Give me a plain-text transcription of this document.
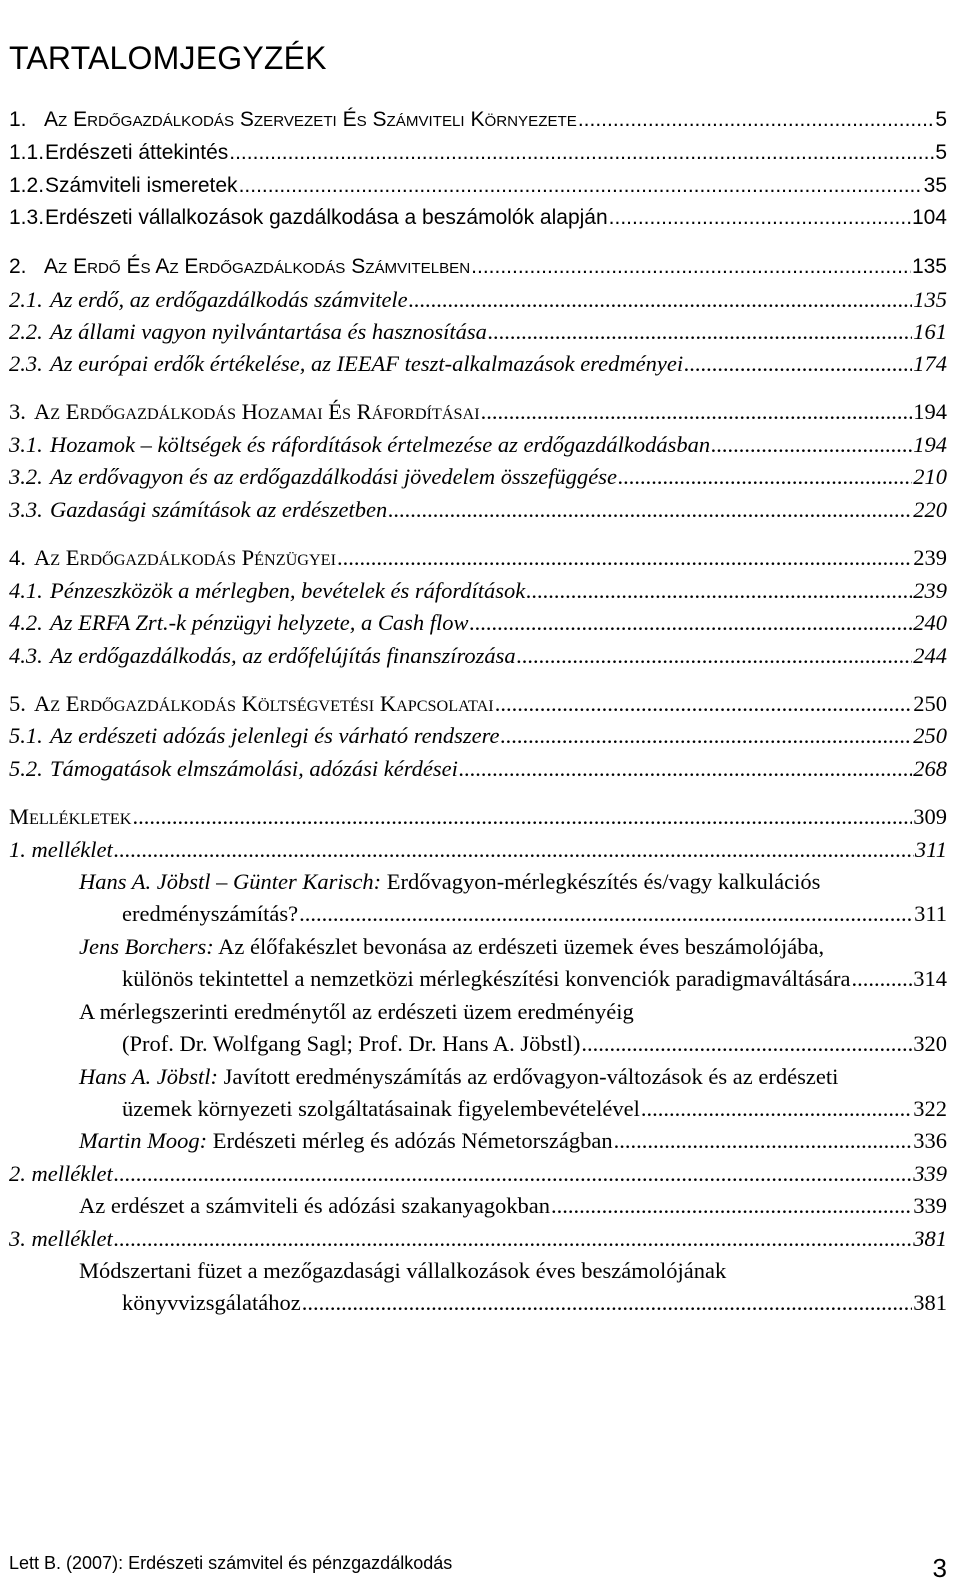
TARTALOMJEGYZÉK
1. AZ ERDŐGAZDÁLKODÁS SZERVEZETI ÉS SZÁMVITELI KÖRNYEZETE .....	5
1.1. Erdészeti áttekintés .....	5
1.2. Számviteli ismeretek .....	35
1.3. Erdészeti vállalkozások gazdálkodása a beszámolók alapján .....	104
2. AZ ERDŐ ÉS AZ ERDŐGAZDÁLKODÁS SZÁMVITELBEN .....	135
2.1. Az erdő, az erdőgazdálkodás számvitele .....	135
2.2. Az állami vagyon nyilvántartása és hasznosítása .....	161
2.3. Az európai erdők értékelése, az IEEAF teszt-alkalmazások eredményei .....	174
3. AZ ERDŐGAZDÁLKODÁS HOZAMAI ÉS RÁFORDÍTÁSAI .....	194
3.1. Hozamok – költségek és ráfordítások értelmezése az erdőgazdálkodásban .....	194
3.2. Az erdővagyon és az erdőgazdálkodási jövedelem összefüggése .....	210
3.3. Gazdasági számítások az erdészetben .....	220
4. AZ ERDŐGAZDÁLKODÁS PÉNZÜGYEI .....	239
4.1. Pénzeszközök a mérlegben, bevételek és ráfordítások .....	239
4.2. Az ERFA Zrt.-k pénzügyi helyzete, a Cash flow .....	240
4.3. Az erdőgazdálkodás, az erdőfelújítás finanszírozása .....	244
5. AZ ERDŐGAZDÁLKODÁS KÖLTSÉGVETÉSI KAPCSOLATAI .....	250
5.1. Az erdészeti adózás jelenlegi és várható rendszere .....	250
5.2. Támogatások elmszámolási, adózási kérdései .....	268
MELLÉKLETEK .....	309
1. melléklet .....	311
Hans A. Jöbstl – Günter Karisch: Erdővagyon-mérlegkészítés és/vagy kalkulációs
eredményszámítás? .....	311
Jens Borchers: Az élőfakészlet bevonása az erdészeti üzemek éves beszámolójába,
különös tekintettel a nemzetközi mérlegkészítési konvenciók paradigmaváltására .....	314
A mérlegszerinti eredménytől az erdészeti üzem eredményéig
(Prof. Dr. Wolfgang Sagl; Prof. Dr. Hans A. Jöbstl) .....	320
Hans A. Jöbstl: Javított eredményszámítás az erdővagyon-változások és az erdészeti
üzemek környezeti szolgáltatásainak figyelembevételével .....	322
Martin Moog: Erdészeti mérleg és adózás Németországban .....	336
2. melléklet .....	339
Az erdészet a számviteli és adózási szakanyagokban .....	339
3. melléklet .....	381
Módszertani füzet a mezőgazdasági vállalkozások éves beszámolójának
könyvvizsgálatához .....	381
Lett B. (2007): Erdészeti számvitel és pénzgazdálkodás	3
